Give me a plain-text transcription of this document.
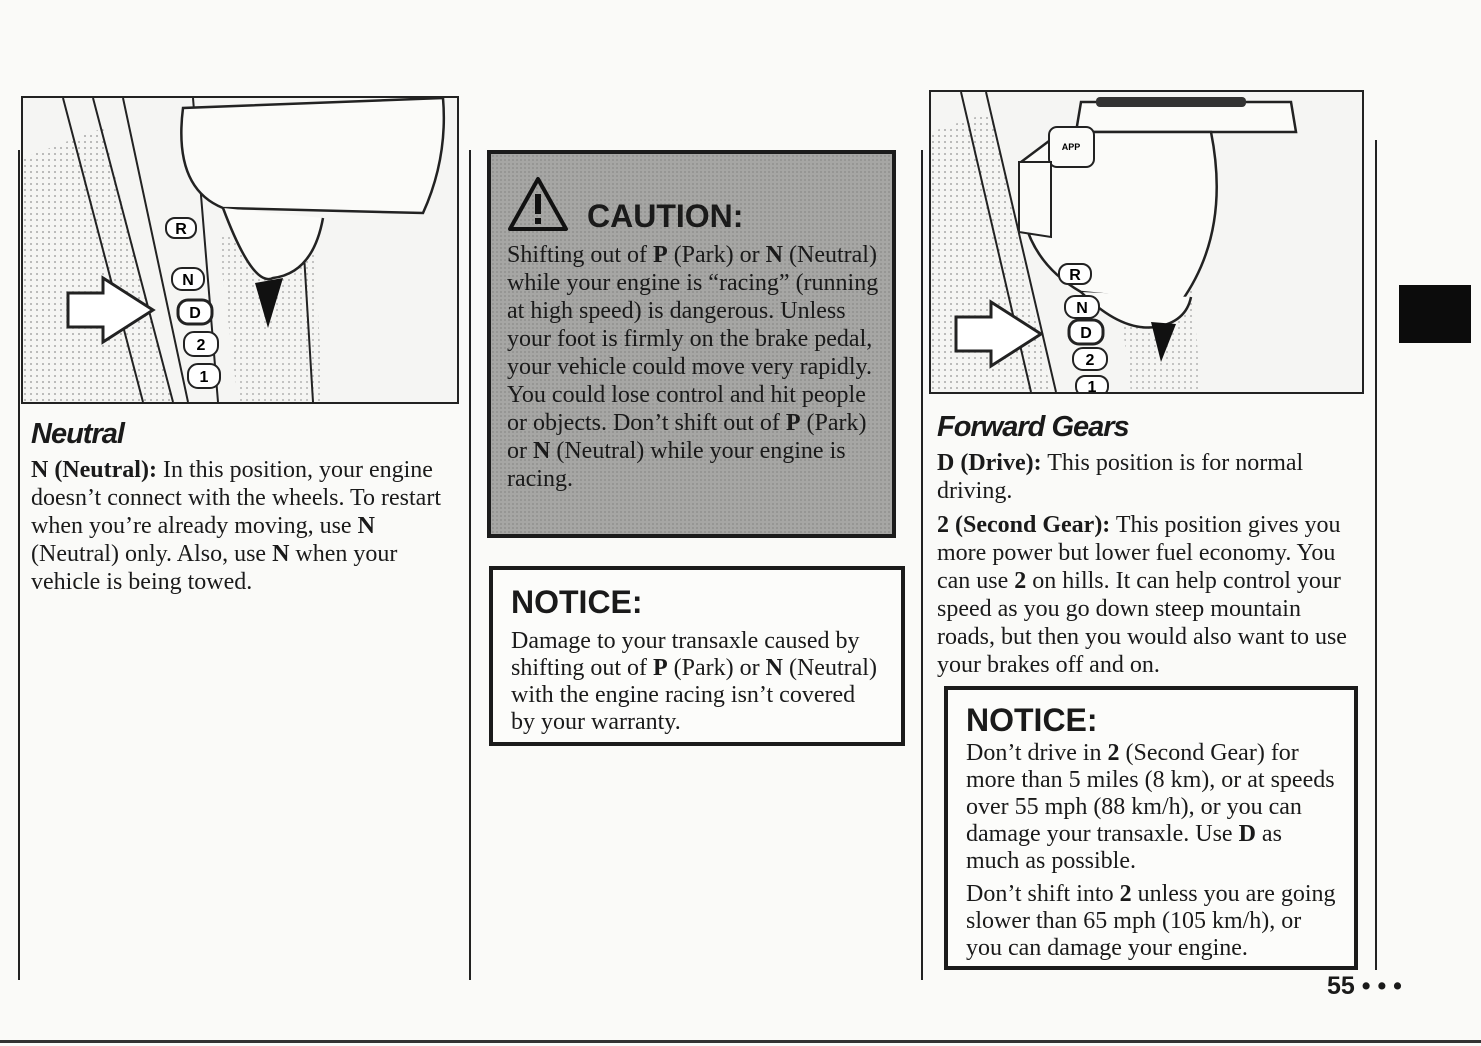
R
N
D
2
1
Neutral

N (Neutral): In this position, your engine doesn’t connect with the wheels. To restart when you’re already moving, use N (Neutral) only. Also, use N when your vehicle is being towed.

CAUTION:

Shifting out of P (Park) or N (Neutral) while your engine is “racing” (running at high speed) is dangerous. Unless your foot is firmly on the brake pedal, your vehicle could move very rapidly. You could lose control and hit people or objects. Don’t shift out of P (Park) or N (Neutral) while your engine is racing.

NOTICE:

Damage to your transaxle caused by shifting out of P (Park) or N (Neutral) with the engine racing isn’t covered by your warranty.

APP
R
N
D
2
1
Forward Gears

D (Drive): This position is for normal driving.

2 (Second Gear): This position gives you more power but lower fuel economy. You can use 2 on hills. It can help control your speed as you go down steep mountain roads, but then you would also want to use your brakes off and on.

NOTICE:

Don’t drive in 2 (Second Gear) for more than 5 miles (8 km), or at speeds over 55 mph (88 km/h), or you can damage your transaxle. Use D as much as possible.

Don’t shift into 2 unless you are going slower than 65 mph (105 km/h), or you can damage your engine.

55 • • •
